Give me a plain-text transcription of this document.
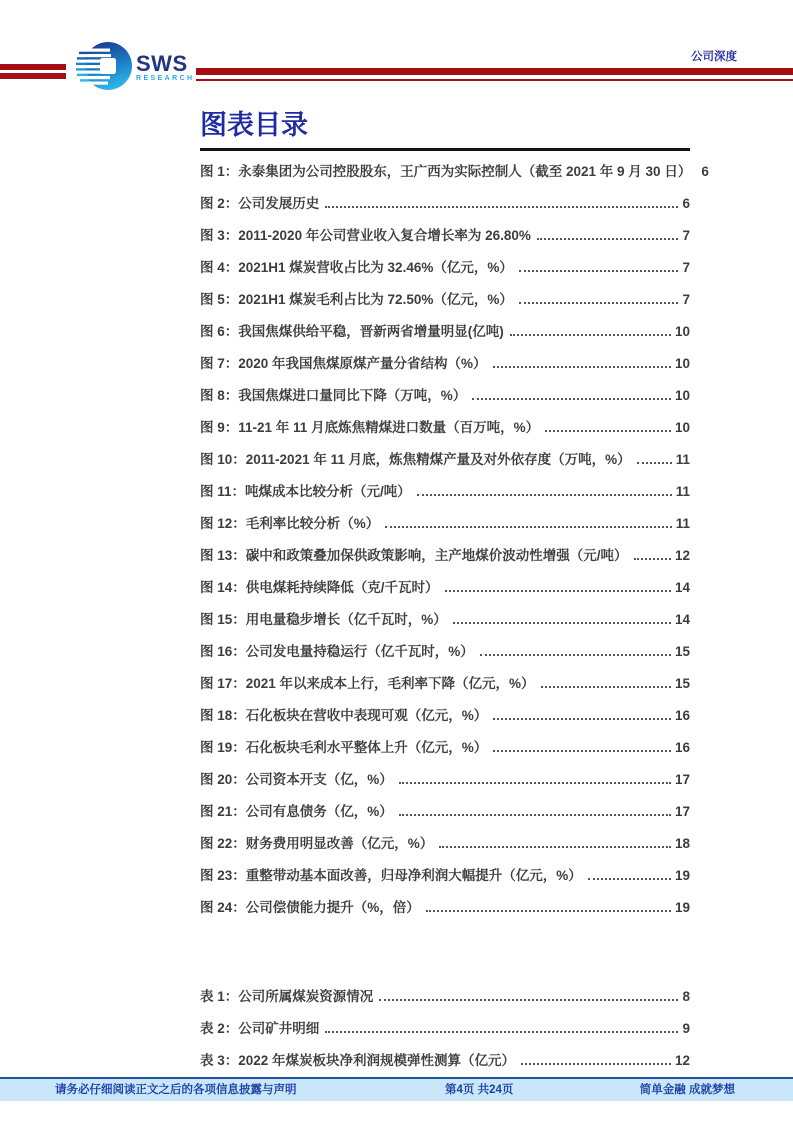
SWS
RESEARCH
公司深度
图表目录
图 1：永泰集团为公司控股股东，王广西为实际控制人（截至 2021 年 9 月 30 日） 6
图 2：公司发展历史	6
图 3：2011-2020 年公司营业收入复合增长率为 26.80%	7
图 4：2021H1 煤炭营收占比为 32.46%（亿元，%）	7
图 5：2021H1 煤炭毛利占比为 72.50%（亿元，%）	7
图 6：我国焦煤供给平稳，晋新两省增量明显(亿吨)	10
图 7：2020 年我国焦煤原煤产量分省结构（%）	10
图 8：我国焦煤进口量同比下降（万吨，%）	10
图 9：11-21 年 11 月底炼焦精煤进口数量（百万吨，%）	10
图 10：2011-2021 年 11 月底，炼焦精煤产量及对外依存度（万吨，%）	11
图 11：吨煤成本比较分析（元/吨）	11
图 12：毛利率比较分析（%）	11
图 13：碳中和政策叠加保供政策影响，主产地煤价波动性增强（元/吨）	12
图 14：供电煤耗持续降低（克/千瓦时）	14
图 15：用电量稳步增长（亿千瓦时，%）	14
图 16：公司发电量持稳运行（亿千瓦时，%）	15
图 17：2021 年以来成本上行，毛利率下降（亿元，%）	15
图 18：石化板块在营收中表现可观（亿元，%）	16
图 19：石化板块毛利水平整体上升（亿元，%）	16
图 20：公司资本开支（亿，%）	17
图 21：公司有息债务（亿，%）	17
图 22：财务费用明显改善（亿元，%）	18
图 23：重整带动基本面改善，归母净利润大幅提升（亿元，%）	19
图 24：公司偿债能力提升（%，倍）	19
表 1：公司所属煤炭资源情况	8
表 2：公司矿井明细	9
表 3：2022 年煤炭板块净利润规模弹性测算（亿元）	12
请务必仔细阅读正文之后的各项信息披露与声明	第4页 共24页	简单金融 成就梦想
